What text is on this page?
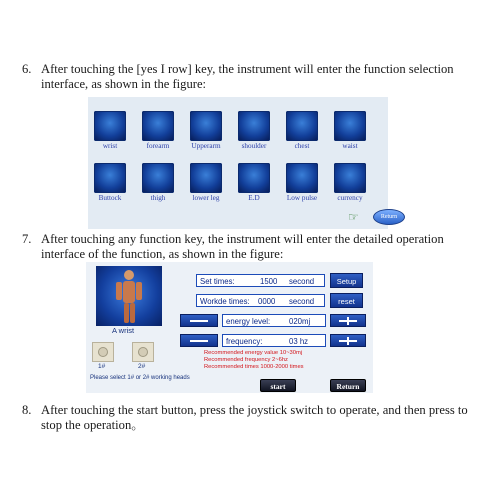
6. After touching the [yes I row] key, the instrument will enter the function selection interface, as shown in the figure:
wrist	forearm	Upperarm	shoulder	chest	waist
Buttock	thigh	lower leg	E.D	Low pulse	currency
☞	Return
7. After touching any function key, the instrument will enter the detailed operation interface of the function, as shown in the figure:
A wrist
1#	2#
Please select 1# or 2# working heads
Set times:	1500 second	Setup
Workde times: 0000 second	reset
energy level: 020mj
frequency:	03 hz
Recommended energy value 10~30mj
Recommended frequency 2~6hz
Recommended times 1000-2000 times
start	Return
8. After touching the start button, press the joystick switch to operate, and then press to stop the operation。
